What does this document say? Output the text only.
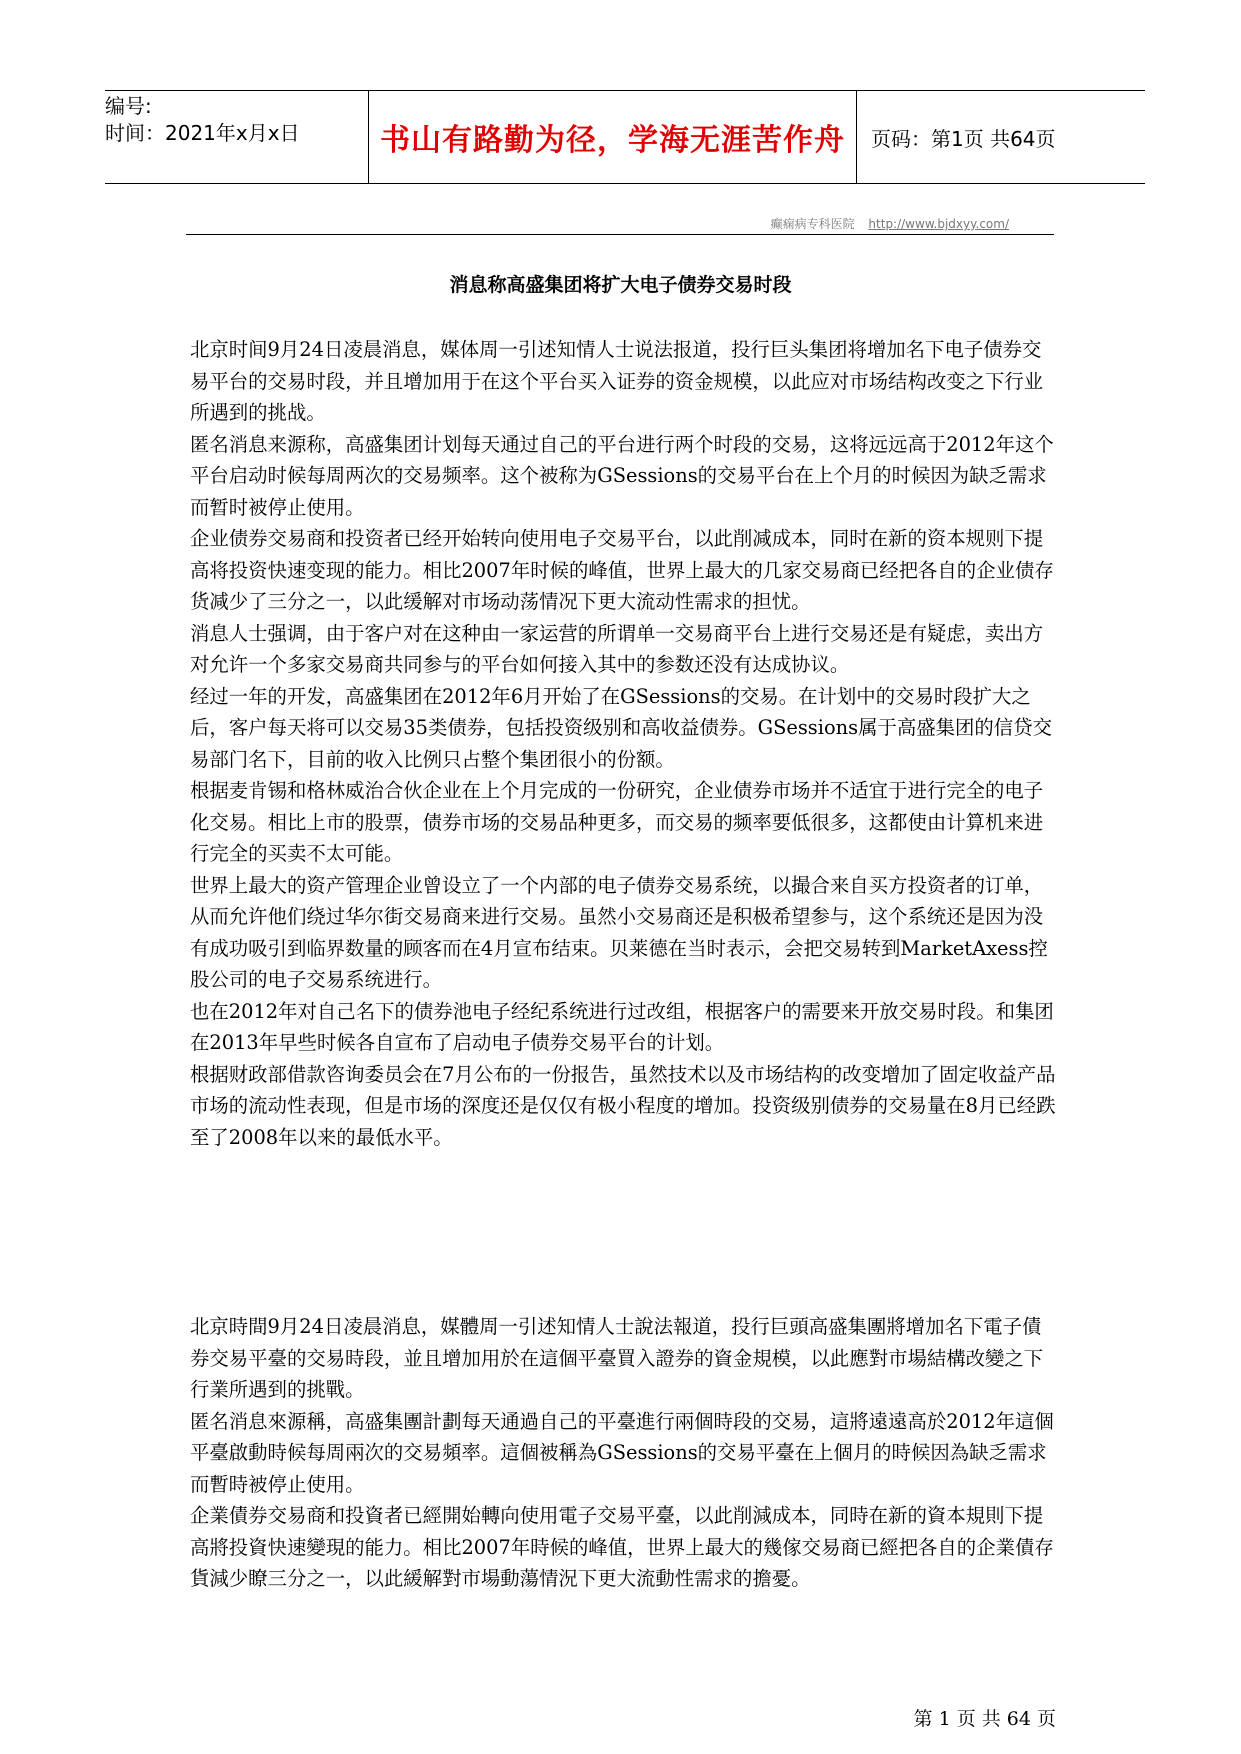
编号:
时间：2021年x月x日	书山有路勤为径，学海无涯苦作舟	页码：第1页 共64页
癫痫病专科医院 http://www.bjdxyy.com/
消息称高盛集团将扩大电子债券交易时段

北京时间9月24日凌晨消息，媒体周一引述知情人士说法报道，投行巨头集团将增加名下电子债券交易平台的交易时段，并且增加用于在这个平台买入证券的资金规模，以此应对市场结构改变之下行业所遇到的挑战。

匿名消息来源称，高盛集团计划每天通过自己的平台进行两个时段的交易，这将远远高于2012年这个平台启动时候每周两次的交易频率。这个被称为GSessions的交易平台在上个月的时候因为缺乏需求而暂时被停止使用。

企业债券交易商和投资者已经开始转向使用电子交易平台，以此削减成本，同时在新的资本规则下提高将投资快速变现的能力。相比2007年时候的峰值，世界上最大的几家交易商已经把各自的企业债存货减少了三分之一，以此缓解对市场动荡情况下更大流动性需求的担忧。

消息人士强调，由于客户对在这种由一家运营的所谓单一交易商平台上进行交易还是有疑虑，卖出方对允许一个多家交易商共同参与的平台如何接入其中的参数还没有达成协议。

经过一年的开发，高盛集团在2012年6月开始了在GSessions的交易。在计划中的交易时段扩大之后，客户每天将可以交易35类债券，包括投资级别和高收益债券。GSessions属于高盛集团的信贷交易部门名下，目前的收入比例只占整个集团很小的份额。

根据麦肯锡和格林威治合伙企业在上个月完成的一份研究，企业债券市场并不适宜于进行完全的电子化交易。相比上市的股票，债券市场的交易品种更多，而交易的频率要低很多，这都使由计算机来进行完全的买卖不太可能。

世界上最大的资产管理企业曾设立了一个内部的电子债券交易系统，以撮合来自买方投资者的订单，从而允许他们绕过华尔街交易商来进行交易。虽然小交易商还是积极希望参与，这个系统还是因为没有成功吸引到临界数量的顾客而在4月宣布结束。贝莱德在当时表示，会把交易转到MarketAxess控股公司的电子交易系统进行。

也在2012年对自己名下的债券池电子经纪系统进行过改组，根据客户的需要来开放交易时段。和集团在2013年早些时候各自宣布了启动电子债券交易平台的计划。

根据财政部借款咨询委员会在7月公布的一份报告，虽然技术以及市场结构的改变增加了固定收益产品市场的流动性表现，但是市场的深度还是仅仅有极小程度的增加。投资级别债券的交易量在8月已经跌至了2008年以来的最低水平。

北京時間9月24日凌晨消息，媒體周一引述知情人士說法報道，投行巨頭高盛集團將增加名下電子債券交易平臺的交易時段，並且增加用於在這個平臺買入證券的資金規模，以此應對市場結構改變之下行業所遇到的挑戰。

匿名消息來源稱，高盛集團計劃每天通過自己的平臺進行兩個時段的交易，這將遠遠高於2012年這個平臺啟動時候每周兩次的交易頻率。這個被稱為GSessions的交易平臺在上個月的時候因為缺乏需求而暫時被停止使用。

企業債券交易商和投資者已經開始轉向使用電子交易平臺，以此削減成本，同時在新的資本規則下提高將投資快速變現的能力。相比2007年時候的峰值，世界上最大的幾傢交易商已經把各自的企業債存貨減少瞭三分之一，以此緩解對市場動蕩情況下更大流動性需求的擔憂。

第 1 页 共 64 页
